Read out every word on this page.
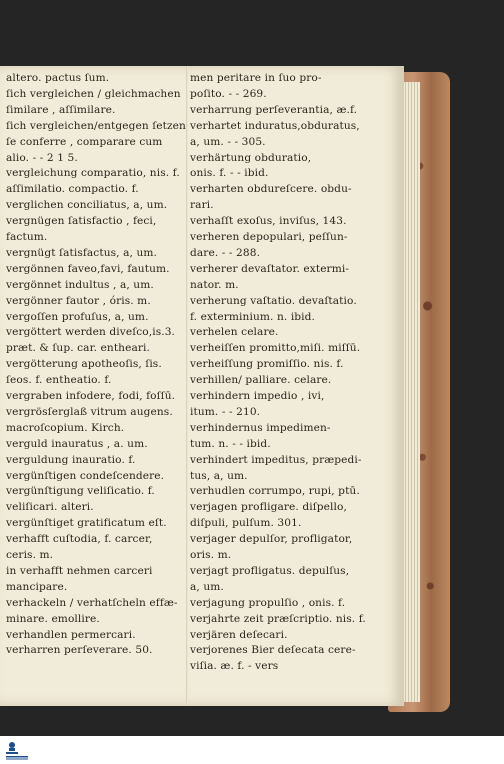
altero. pactus ſum.
ſich vergleichen / gleichmachen
ſimilare , aſſimilare.
ſich vergleichen/entgegen ſetzen
ſe conferre , comparare cum
alio. - - 2 1 5.
vergleichung comparatio, nis. f.
aſſimilatio. compactio. f.
verglichen conciliatus, a, um.
vergnügen ſatisfactio , feci,
factum.
vergnügt ſatisfactus, a, um.
vergönnen faveo,favi, fautum.
vergönnet indultus , a, um.
vergönner fautor , óris. m.
vergoſſen profuſus, a, um.
vergöttert werden diveſco,is.3.
præt. & ſup. car. entheari.
vergötterung apotheoſis, ſis.
ſeos. f. entheatio. f.
vergraben infodere, fodi, foſſū.
vergrösſerglaß vitrum augens.
macroſcopium. Kirch.
verguld inauratus , a. um.
verguldung inauratio. f.
vergünſtigen condeſcendere.
vergünſtigung veliſicatio. f.
veliſicari. alteri.
vergünſtiget gratificatum eſt.
verhafft cuſtodia, f. carcer,
ceris. m.
in verhafft nehmen carceri
mancipare.
verhackeln / verhatſcheln effæ-
minare. emollire.
verhandlen permercari.
verharren perſeverare. 50.
men peritare in ſuo pro-
poſito. - - 269.
verharrung perſeverantia, æ.f.
verhartet induratus,obduratus,
a, um. - - 305.
verhärtung obduratio,
onis. f. - - ibid.
verharten obdureſcere. obdu-
rari.
verhaſſt exoſus, inviſus, 143.
verheren depopulari, peſſun-
dare. - - 288.
verherer devaſtator. extermi-
nator. m.
verherung vaſtatio. devaſtatio.
f. exterminium. n. ibid.
verhelen celare.
verheiſſen promitto,miſi. miſſū.
verheiſſung promiſſio. nis. f.
verhillen/ palliare. celare.
verhindern impedio , ivi,
itum. - - 210.
verhindernus impedimen-
tum. n. - - ibid.
verhindert impeditus, præpedi-
tus, a, um.
verhudlen corrumpo, rupi, ptū.
verjagen profligare. diſpello,
diſpuli, pulſum. 301.
verjager depulſor, profligator,
oris. m.
verjagt profligatus. depulſus,
a, um.
verjagung propulſio , onis. f.
verjahrte zeit præſcriptio. nis. f.
verjären deſecari.
verjorenes Bier deſecata cere-
viſia. æ. f. - vers
